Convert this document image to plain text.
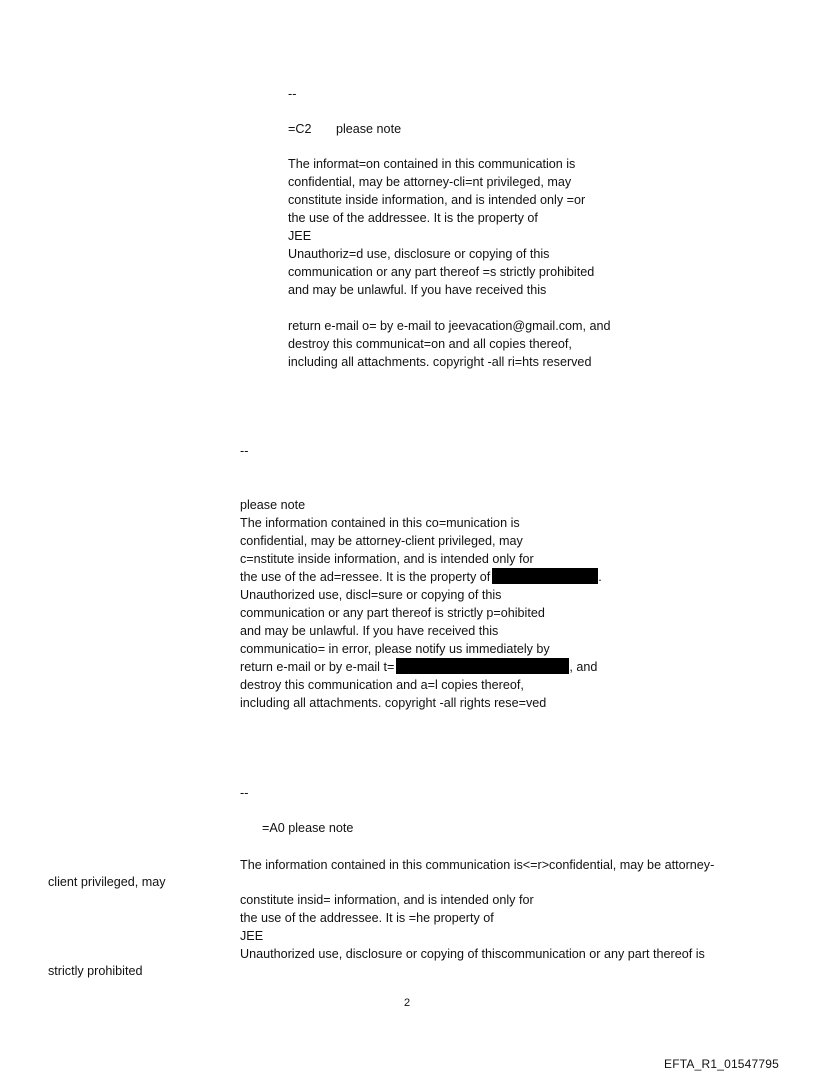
--
=C2       please note
The informat=on contained in this communication is
confidential, may be attorney-cli=nt privileged, may
constitute inside information, and is intended only =or
the use of the addressee. It is the property of
JEE
Unauthoriz=d use, disclosure or copying of this
communication or any part thereof =s strictly prohibited
and may be unlawful. If you have received this
return e-mail o= by e-mail to jeevacation@gmail.com, and
destroy this communicat=on and all copies thereof,
including all attachments. copyright -all ri=hts reserved
--
please note
The information contained in this co=munication is
confidential, may be attorney-client privileged, may
c=nstitute inside information, and is intended only for
the use of the ad=ressee. It is the property of	.
Unauthorized use, discl=sure or copying of this
communication or any part thereof is strictly p=ohibited
and may be unlawful. If you have received this
communicatio= in error, please notify us immediately by
return e-mail or by e-mail t=	, and
destroy this communication and a=l copies thereof,
including all attachments. copyright -all rights rese=ved
--
=A0 please note
The information contained in this communication is<=r>confidential, may be attorney-
client privileged, may
constitute insid= information, and is intended only for
the use of the addressee. It is =he property of
JEE
Unauthorized use, disclosure or copying of thiscommunication or any part thereof is
strictly prohibited
2
EFTA_R1_01547795
